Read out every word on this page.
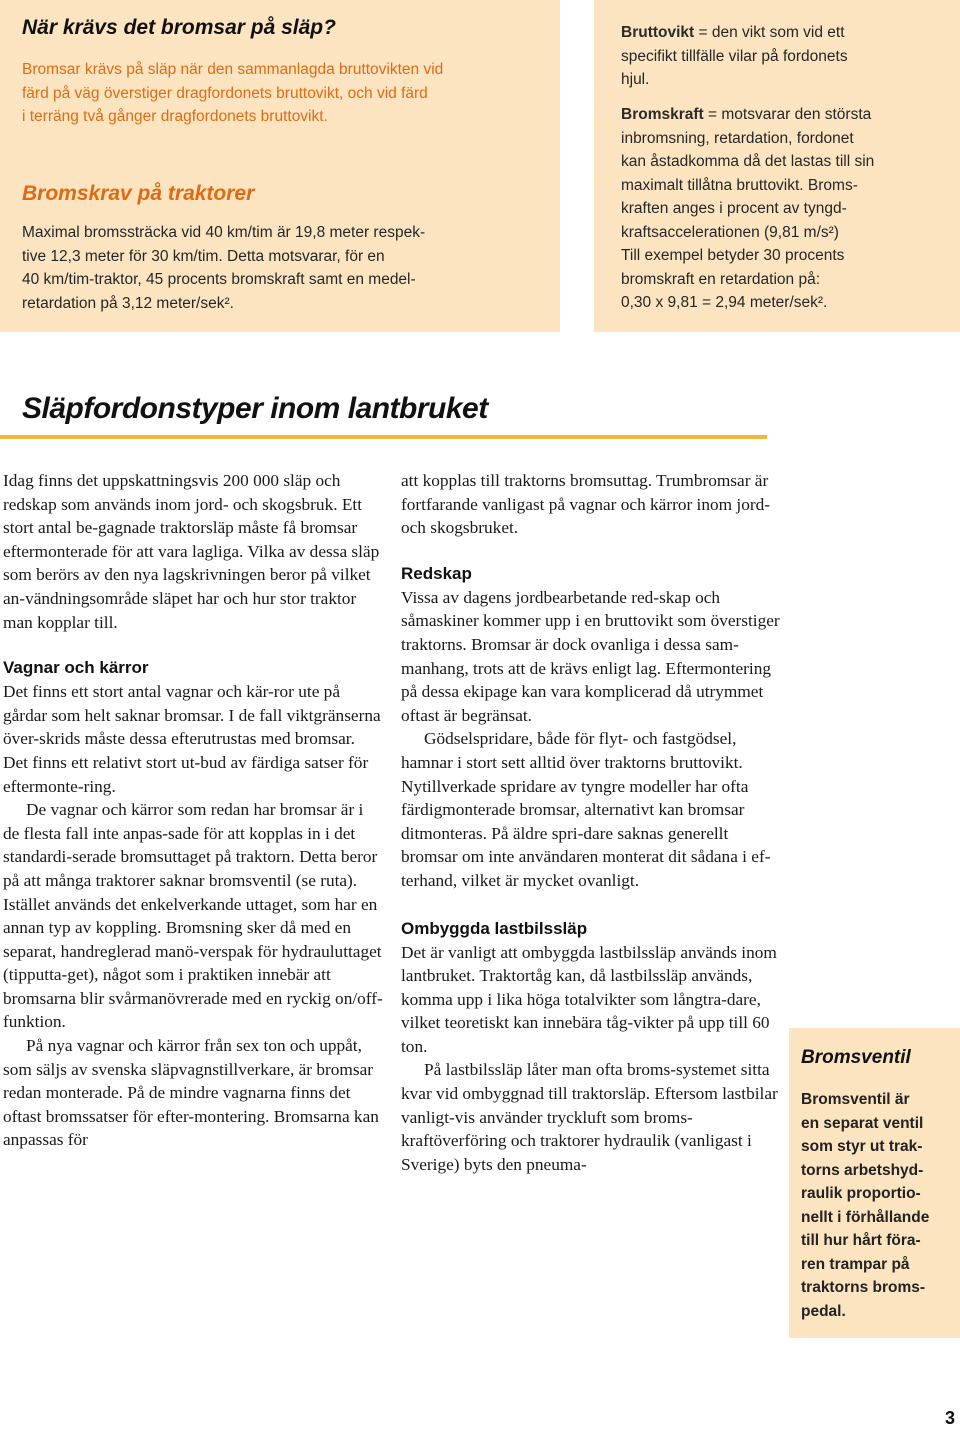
När krävs det bromsar på släp?

Bromsar krävs på släp när den sammanlagda bruttovikten vid
färd på väg överstiger dragfordonets bruttovikt, och vid färd
i terräng två gånger dragfordonets bruttovikt.

Bromskrav på traktorer

Maximal bromssträcka vid 40 km/tim är 19,8 meter respek-
tive 12,3 meter för 30 km/tim. Detta motsvarar, för en
40 km/tim-traktor, 45 procents bromskraft samt en medel-
retardation på 3,12 meter/sek².

Bruttovikt = den vikt som vid ett
specifikt tillfälle vilar på fordonets
hjul.

Bromskraft = motsvarar den största
inbromsning, retardation, fordonet
kan åstadkomma då det lastas till sin
maximalt tillåtna bruttovikt. Broms-
kraften anges i procent av tyngd-
kraftsaccelerationen (9,81 m/s²)
Till exempel betyder 30 procents
bromskraft en retardation på:
0,30 x 9,81 = 2,94 meter/sek².

Släpfordonstyper inom lantbruket

Idag finns det uppskattningsvis 200 000 släp och redskap som används inom jord- och skogsbruk. Ett stort antal be-gagnade traktorsläp måste få bromsar eftermonterade för att vara lagliga. Vilka av dessa släp som berörs av den nya lagskrivningen beror på vilket an-vändningsområde släpet har och hur stor traktor man kopplar till.

Vagnar och kärror

Det finns ett stort antal vagnar och kär-ror ute på gårdar som helt saknar bromsar. I de fall viktgränserna över-skrids måste dessa efterutrustas med bromsar. Det finns ett relativt stort ut-bud av färdiga satser för eftermonte-ring.

De vagnar och kärror som redan har bromsar är i de flesta fall inte anpas-sade för att kopplas in i det standardi-serade bromsuttaget på traktorn. Detta beror på att många traktorer saknar bromsventil (se ruta). Istället används det enkelverkande uttaget, som har en annan typ av koppling. Bromsning sker då med en separat, handreglerad manö-verspak för hydrauluttaget (tipputta-get), något som i praktiken innebär att bromsarna blir svårmanövrerade med en ryckig on/off-funktion.

På nya vagnar och kärror från sex ton och uppåt, som säljs av svenska släpvagnstillverkare, är bromsar redan monterade. På de mindre vagnarna finns det oftast bromssatser för efter-montering. Bromsarna kan anpassas för

att kopplas till traktorns bromsuttag. Trumbromsar är fortfarande vanligast på vagnar och kärror inom jord- och skogsbruket.

Redskap

Vissa av dagens jordbearbetande red-skap och såmaskiner kommer upp i en bruttovikt som överstiger traktorns. Bromsar är dock ovanliga i dessa sam-manhang, trots att de krävs enligt lag. Eftermontering på dessa ekipage kan vara komplicerad då utrymmet oftast är begränsat.

Gödselspridare, både för flyt- och fastgödsel, hamnar i stort sett alltid över traktorns bruttovikt. Nytillverkade spridare av tyngre modeller har ofta färdigmonterade bromsar, alternativt kan bromsar ditmonteras. På äldre spri-dare saknas generellt bromsar om inte användaren monterat dit sådana i ef-terhand, vilket är mycket ovanligt.

Ombyggda lastbilssläp

Det är vanligt att ombyggda lastbilssläp används inom lantbruket. Traktortåg kan, då lastbilssläp används, komma upp i lika höga totalvikter som långtra-dare, vilket teoretiskt kan innebära tåg-vikter på upp till 60 ton.

På lastbilssläp låter man ofta broms-systemet sitta kvar vid ombyggnad till traktorsläp. Eftersom lastbilar vanligt-vis använder tryckluft som broms-kraftöverföring och traktorer hydraulik (vanligast i Sverige) byts den pneuma-

Bromsventil

Bromsventil är
en separat ventil
som styr ut trak-
torns arbetshyd-
raulik proportio-
nellt i förhållande
till hur hårt föra-
ren trampar på
traktorns broms-
pedal.

3
